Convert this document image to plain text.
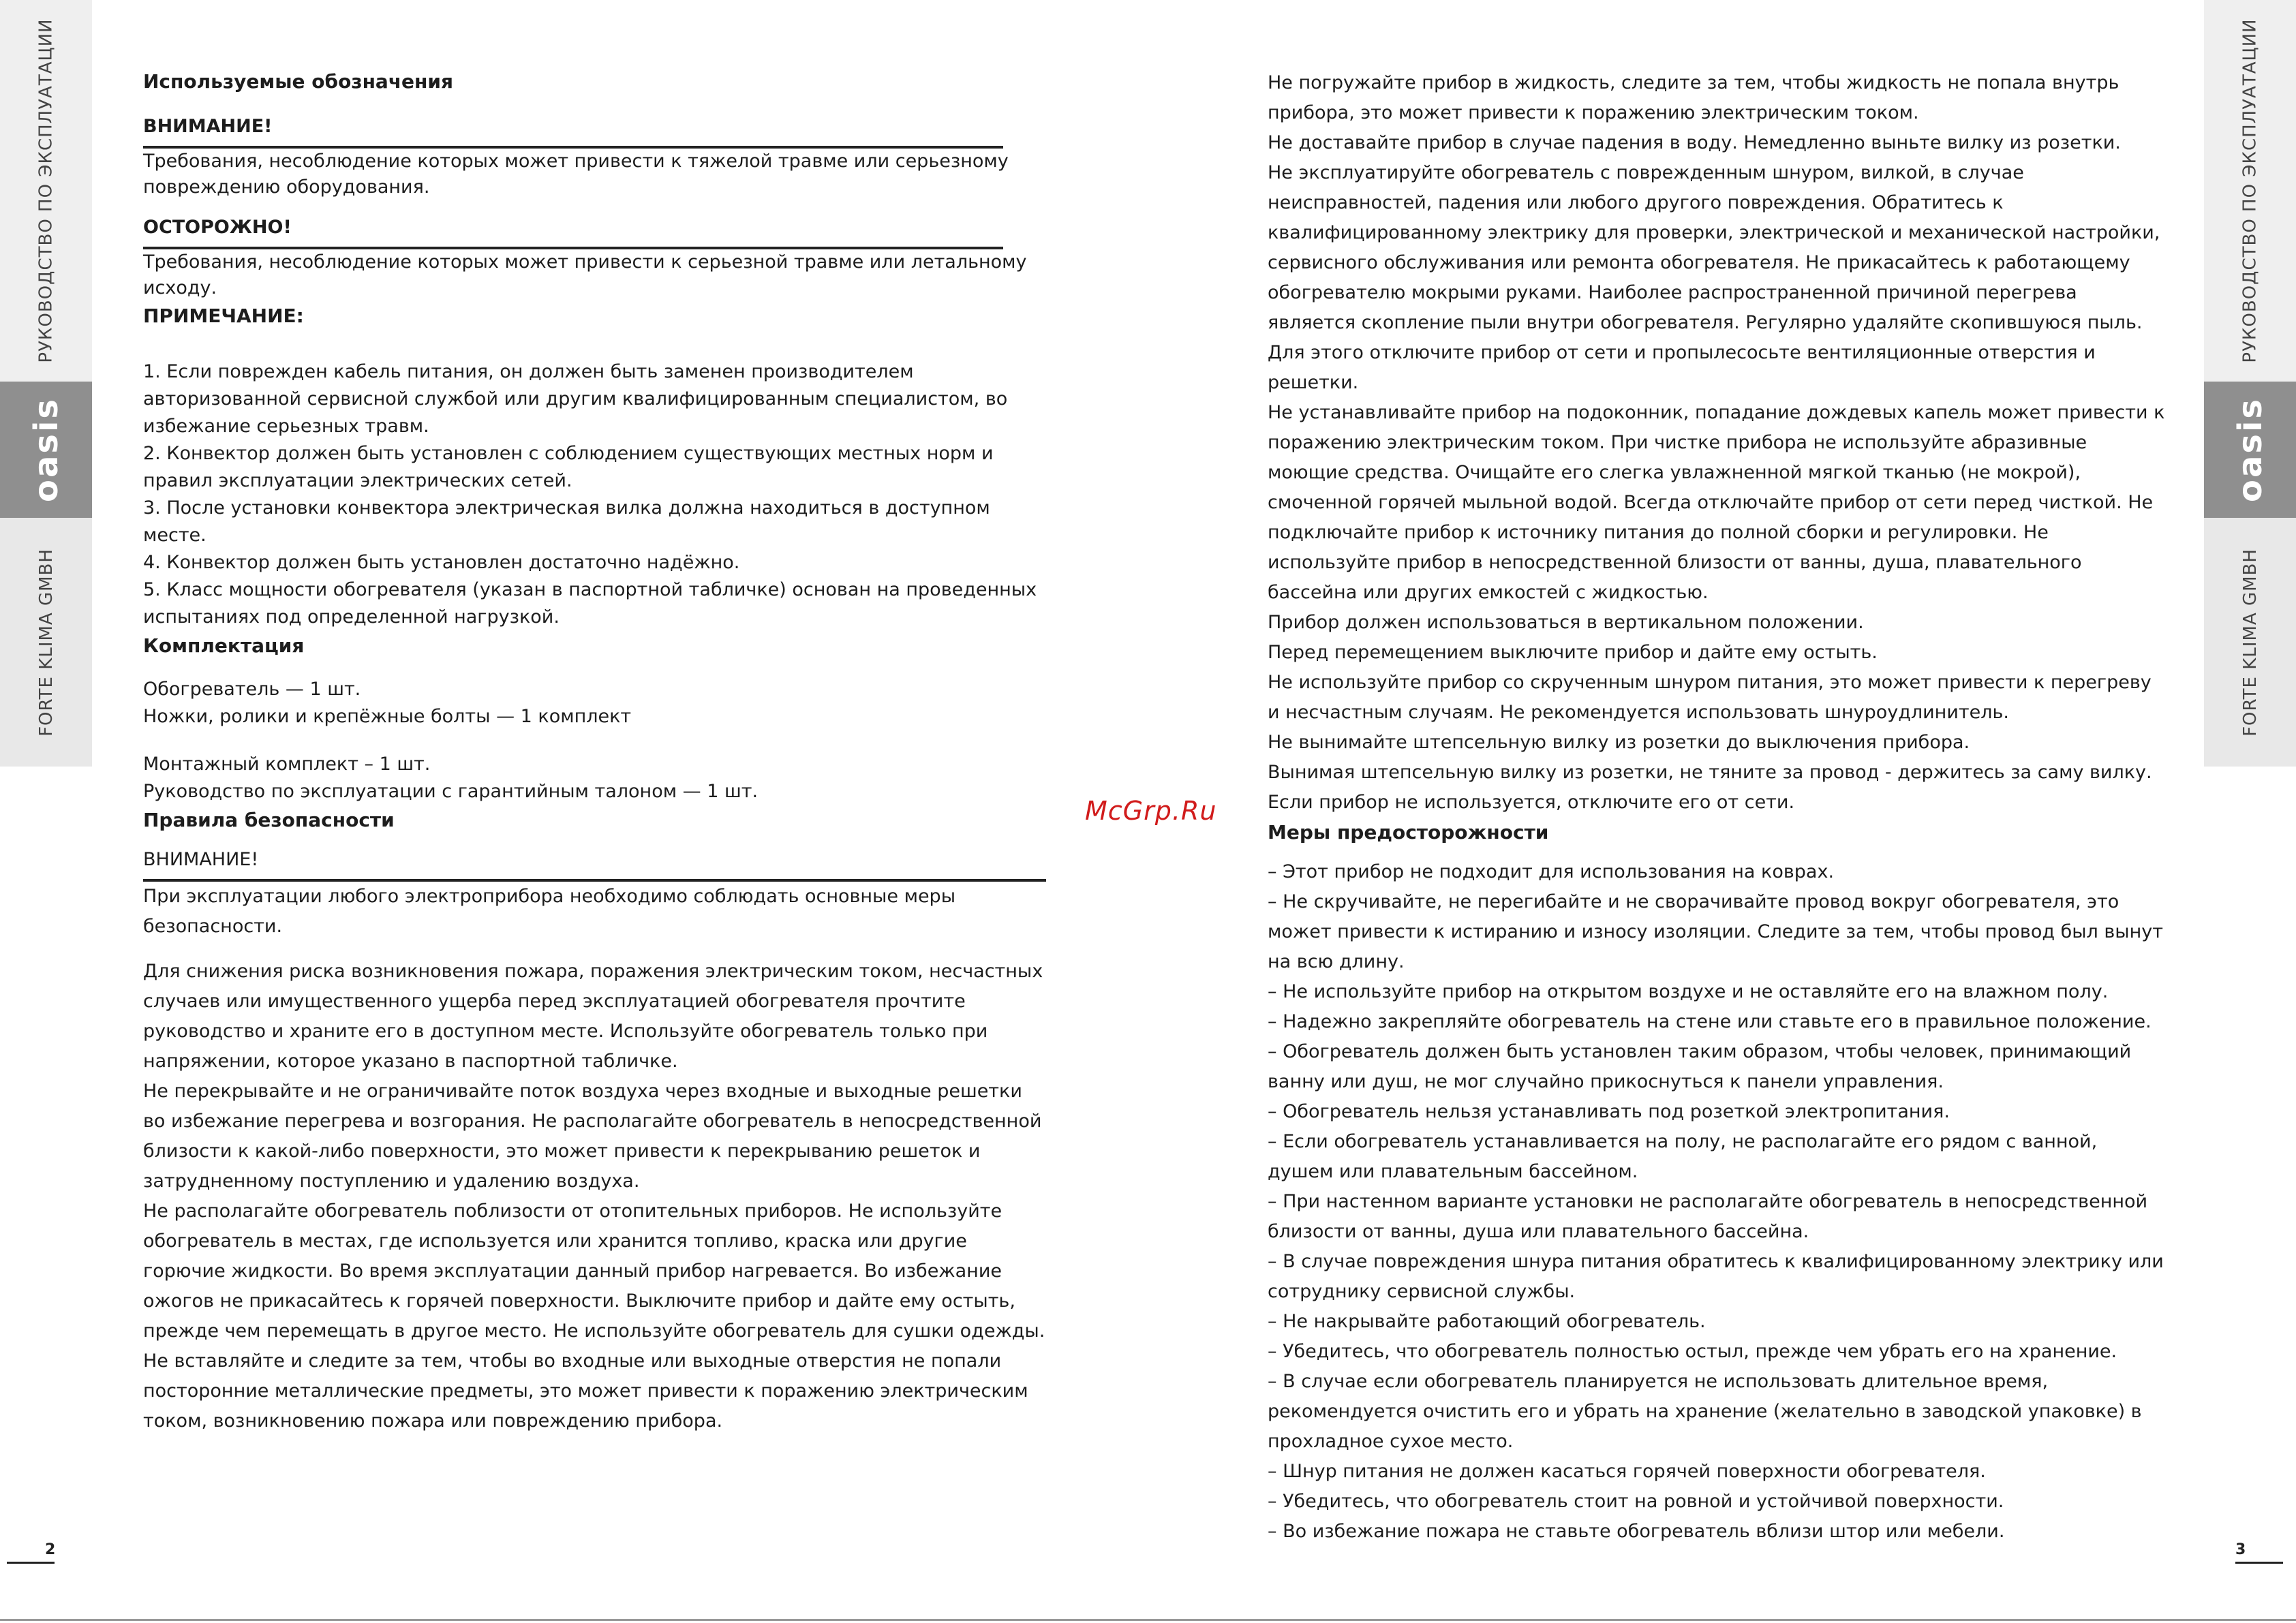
РУКОВОДСТВО ПО ЭКСПЛУАТАЦИИ
oasis
FORTE KLIMA GMBH
РУКОВОДСТВО ПО ЭКСПЛУАТАЦИИ
oasis
FORTE KLIMA GMBH

Используемые обозначения

ВНИМАНИЕ!

Требования, несоблюдение которых может привести к тяжелой травме или серьезному повреждению оборудования.

ОСТОРОЖНО!

Требования, несоблюдение которых может привести к серьезной травме или летальному исходу.

ПРИМЕЧАНИЕ:

1. Если поврежден кабель питания, он должен быть заменен производителем авторизованной сервисной службой или другим квалифицированным специалистом, во избежание серьезных травм.

2. Конвектор должен быть установлен с соблюдением существующих местных норм и правил эксплуатации электрических сетей.

3. После установки конвектора электрическая вилка должна находиться в доступном месте.

4. Конвектор должен быть установлен достаточно надёжно.

5. Класс мощности обогревателя (указан в паспортной табличке) основан на проведенных испытаниях под определенной нагрузкой.

Комплектация

Обогреватель — 1 шт.

Ножки, ролики и крепёжные болты — 1 комплект

Монтажный комплект – 1 шт.

Руководство по эксплуатации с гарантийным талоном — 1 шт.

Правила безопасности

ВНИМАНИЕ!

При эксплуатации любого электроприбора необходимо соблюдать основные меры безопасности.

Для снижения риска возникновения пожара, поражения электрическим током, несчастных случаев или имущественного ущерба перед эксплуатацией обогревателя прочтите руководство и храните его в доступном месте. Используйте обогреватель только при напряжении, которое указано в паспортной табличке.

Не перекрывайте и не ограничивайте поток воздуха через входные и выходные решетки во избежание перегрева и возгорания. Не располагайте обогреватель в непосредственной близости к какой-либо поверхности, это может привести к перекрыванию решеток и затрудненному поступлению и удалению воздуха.

Не располагайте обогреватель поблизости от отопительных приборов. Не используйте обогреватель в местах, где используется или хранится топливо, краска или другие горючие жидкости. Во время эксплуатации данный прибор нагревается. Во избежание ожогов не прикасайтесь к горячей поверхности. Выключите прибор и дайте ему остыть, прежде чем перемещать в другое место. Не используйте обогреватель для сушки одежды.

Не вставляйте и следите за тем, чтобы во входные или выходные отверстия не попали посторонние металлические предметы, это может привести к поражению электрическим током, возникновению пожара или повреждению прибора.

Не погружайте прибор в жидкость, следите за тем, чтобы жидкость не попала внутрь прибора, это может привести к поражению электрическим током.

Не доставайте прибор в случае падения в воду. Немедленно выньте вилку из розетки.

Не эксплуатируйте обогреватель с поврежденным шнуром, вилкой, в случае неисправностей, падения или любого другого повреждения. Обратитесь к квалифицированному электрику для проверки, электрической и механической настройки, сервисного обслуживания или ремонта обогревателя. Не прикасайтесь к работающему обогревателю мокрыми руками. Наиболее распространенной причиной перегрева является скопление пыли внутри обогревателя. Регулярно удаляйте скопившуюся пыль. Для этого отключите прибор от сети и пропылесосьте вентиляционные отверстия и решетки.

Не устанавливайте прибор на подоконник, попадание дождевых капель может привести к поражению электрическим током. При чистке прибора не используйте абразивные моющие средства. Очищайте его слегка увлажненной мягкой тканью (не мокрой), смоченной горячей мыльной водой. Всегда отключайте прибор от сети перед чисткой. Не подключайте прибор к источнику питания до полной сборки и регулировки. Не используйте прибор в непосредственной близости от ванны, душа, плавательного бассейна или других емкостей с жидкостью.

Прибор должен использоваться в вертикальном положении.

Перед перемещением выключите прибор и дайте ему остыть.

Не используйте прибор со скрученным шнуром питания, это может привести к перегреву и несчастным случаям. Не рекомендуется использовать шнуроудлинитель.

Не вынимайте штепсельную вилку из розетки до выключения прибора.

Вынимая штепсельную вилку из розетки, не тяните за провод - держитесь за саму вилку.

Если прибор не используется, отключите его от сети.

Меры предосторожности

– Этот прибор не подходит для использования на коврах.

– Не скручивайте, не перегибайте и не сворачивайте провод вокруг обогревателя, это может привести к истиранию и износу изоляции. Следите за тем, чтобы провод был вынут на всю длину.

– Не используйте прибор на открытом воздухе и не оставляйте его на влажном полу.

– Надежно закрепляйте обогреватель на стене или ставьте его в правильное положение.

– Обогреватель должен быть установлен таким образом, чтобы человек, принимающий ванну или душ, не мог случайно прикоснуться к панели управления.

– Обогреватель нельзя устанавливать под розеткой электропитания.

– Если обогреватель устанавливается на полу, не располагайте его рядом с ванной, душем или плавательным бассейном.

– При настенном варианте установки не располагайте обогреватель в непосредственной близости от ванны, душа или плавательного бассейна.

– В случае повреждения шнура питания обратитесь к квалифицированному электрику или сотруднику сервисной службы.

– Не накрывайте работающий обогреватель.

– Убедитесь, что обогреватель полностью остыл, прежде чем убрать его на хранение.

– В случае если обогреватель планируется не использовать длительное время, рекомендуется очистить его и убрать на хранение (желательно в заводской упаковке) в прохладное сухое место.

– Шнур питания не должен касаться горячей поверхности обогревателя.

– Убедитесь, что обогреватель стоит на ровной и устойчивой поверхности.

– Во избежание пожара не ставьте обогреватель вблизи штор или мебели.

McGrp.Ru
2	3
